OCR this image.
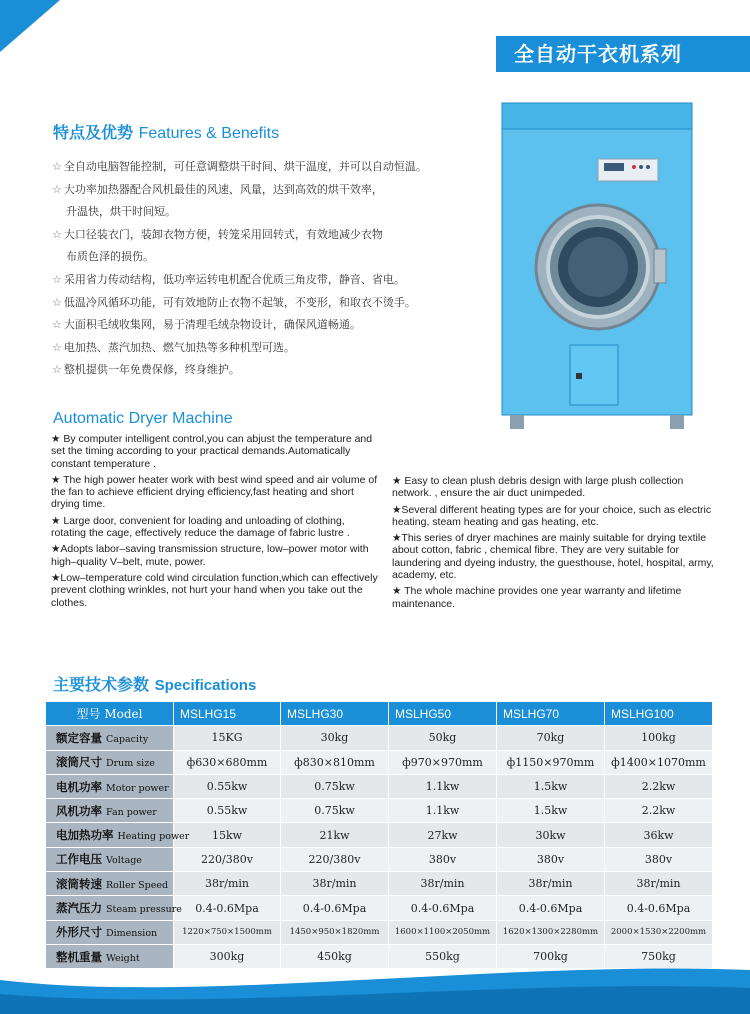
全自动干衣机系列
特点及优势 Features & Benefits
☆ 全自动电脑智能控制，可任意调整烘干时间、烘干温度，并可以自动恒温。
☆ 大功率加热器配合风机最佳的风速、风量，达到高效的烘干效率，
升温快，烘干时间短。
☆ 大口径装衣门，装卸衣物方便，转笼采用回转式，有效地减少衣物
布质色泽的损伤。
☆ 采用省力传动结构，低功率运转电机配合优质三角皮带，静音、省电。
☆ 低温冷风循环功能，可有效地防止衣物不起皱，不变形，和取衣不烫手。
☆ 大面积毛绒收集网，易于清理毛绒杂物设计，确保风道畅通。
☆ 电加热、蒸汽加热、燃气加热等多种机型可选。
☆ 整机提供一年免费保修，终身维护。
Automatic Dryer Machine
★ By computer intelligent control,you can abjust the temperature and set the timing according to your practical demands.Automatically constant temperature .
★ The high power heater work with best wind speed and air volume of the fan to achieve efficient drying efficiency,fast heating and short drying time.
★ Large door, convenient for loading and unloading of clothing, rotating the cage, effectively reduce the damage of fabric lustre .
★Adopts labor–saving transmission structure, low–power motor with high–quality V–belt, mute, power.
★Low–temperature cold wind circulation function,which can effectively prevent clothing wrinkles, not hurt your hand when you take out the clothes.
★ Easy to clean plush debris design with large plush collection network. , ensure the air duct unimpeded.
★Several different heating types are for your choice, such as electric heating, steam heating and gas heating, etc.
★This series of dryer machines are mainly suitable for drying textile about cotton, fabric , chemical fibre. They are very suitable for laundering and dyeing industry, the guesthouse, hotel, hospital, army, academy, etc.
★ The whole machine provides one year warranty and lifetime maintenance.
主要技术参数 Specifications
型号 Model	MSLHG15	MSLHG30	MSLHG50	MSLHG70	MSLHG100
额定容量 Capacity	15KG	30kg	50kg	70kg	100kg
滚筒尺寸 Drum size	ф630×680mm	ф830×810mm	ф970×970mm	ф1150×970mm	ф1400×1070mm
电机功率 Motor power	0.55kw	0.75kw	1.1kw	1.5kw	2.2kw
风机功率 Fan power	0.55kw	0.75kw	1.1kw	1.5kw	2.2kw
电加热功率 Heating power	15kw	21kw	27kw	30kw	36kw
工作电压 Voltage	220/380v	220/380v	380v	380v	380v
滚筒转速 Roller Speed	38r/min	38r/min	38r/min	38r/min	38r/min
蒸汽压力 Steam pressure	0.4-0.6Mpa	0.4-0.6Mpa	0.4-0.6Mpa	0.4-0.6Mpa	0.4-0.6Mpa
外形尺寸 Dimension	1220×750×1500mm	1450×950×1820mm	1600×1100×2050mm	1620×1300×2280mm	2000×1530×2200mm
整机重量 Weight	300kg	450kg	550kg	700kg	750kg
